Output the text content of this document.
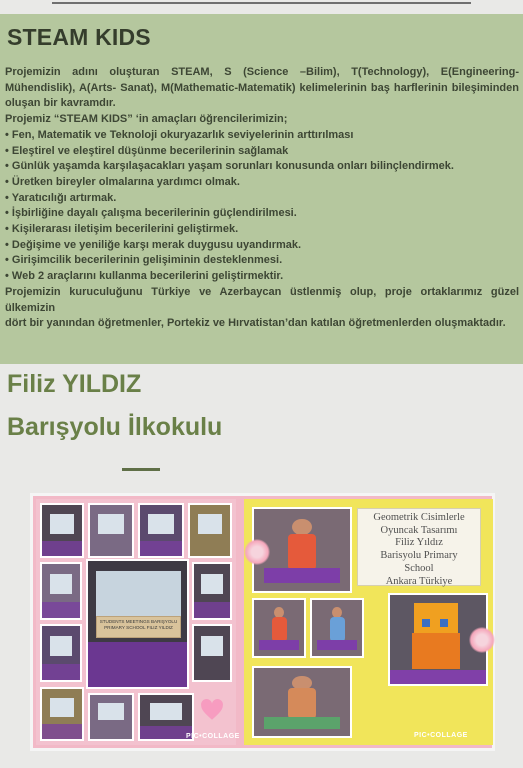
STEAM KIDS

Projemizin adını oluşturan STEAM, S (Science –Bilim), T(Technology), E(Engineering-Mühendislik), A(Arts- Sanat), M(Mathematic-Matematik) kelimelerinin baş harflerinin bileşiminden oluşan bir kavramdır.

Projemiz “STEAM KIDS” ‘in amaçları öğrencilerimizin;

• Fen, Matematik ve Teknoloji okuryazarlık seviyelerinin arttırılması

• Eleştirel ve eleştirel düşünme becerilerinin sağlamak

• Günlük yaşamda karşılaşacakları yaşam sorunları konusunda onları bilinçlendirmek.

• Üretken bireyler olmalarına yardımcı olmak.

• Yaratıcılığı artırmak.

• İşbirliğine dayalı çalışma becerilerinin güçlendirilmesi.

• Kişilerarası iletişim becerilerini geliştirmek.

• Değişime ve yeniliğe karşı merak duygusu uyandırmak.

• Girişimcilik becerilerinin gelişiminin desteklenmesi.

• Web 2 araçlarını kullanma becerilerini geliştirmektir.

Projemizin kuruculuğunu Türkiye ve Azerbaycan üstlenmiş olup, proje ortaklarımız güzel ülkemizin

dört bir yanından öğretmenler, Portekiz ve Hırvatistan’dan katılan öğretmenlerden oluşmaktadır.

Filiz YILDIZ
Barışyolu İlkokulu
STUDENTS MEETINGS BARIŞYOLU PRIMARY SCHOOL FILIZ YILDIZ
PIC•COLLAGE
Geometrik Cisimlerle
Oyuncak Tasarımı
Filiz Yıldız
Barisyolu Primary
School
Ankara Türkiye
PIC•COLLAGE
